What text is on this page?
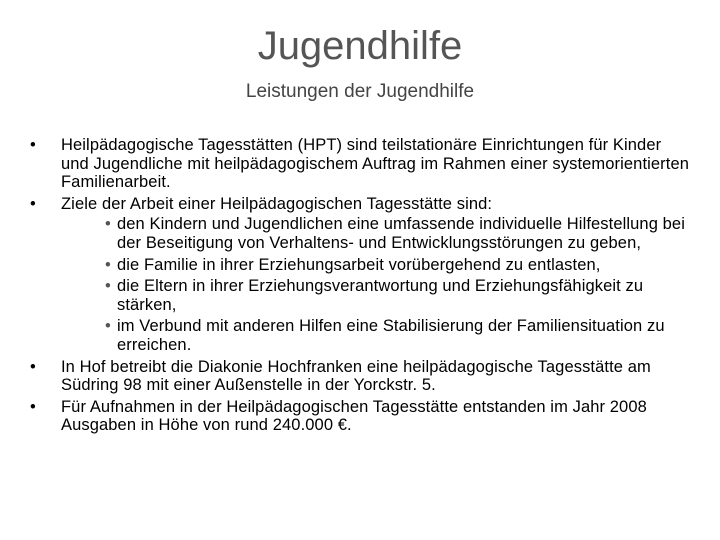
Jugendhilfe
Leistungen der Jugendhilfe
•	Heilpädagogische Tagesstätten (HPT) sind teilstationäre Einrichtungen für Kinder und Jugendliche mit heilpädagogischem Auftrag im Rahmen einer systemorientierten Familienarbeit.
•	Ziele der Arbeit einer Heilpädagogischen Tagesstätte sind:
• den Kindern und Jugendlichen eine umfassende individuelle Hilfestellung bei der Beseitigung von Verhaltens- und Entwicklungsstörungen zu geben,
• die Familie in ihrer Erziehungsarbeit vorübergehend zu entlasten,
• die Eltern in ihrer Erziehungsverantwortung und Erziehungsfähigkeit zu stärken,
• im Verbund mit anderen Hilfen eine Stabilisierung der Familiensituation zu erreichen.
•	In Hof betreibt die Diakonie Hochfranken eine heilpädagogische Tagesstätte am Südring 98 mit einer Außenstelle in der Yorckstr. 5.
•	Für Aufnahmen in der Heilpädagogischen Tagesstätte entstanden im Jahr 2008 Ausgaben in Höhe von rund 240.000 €.
